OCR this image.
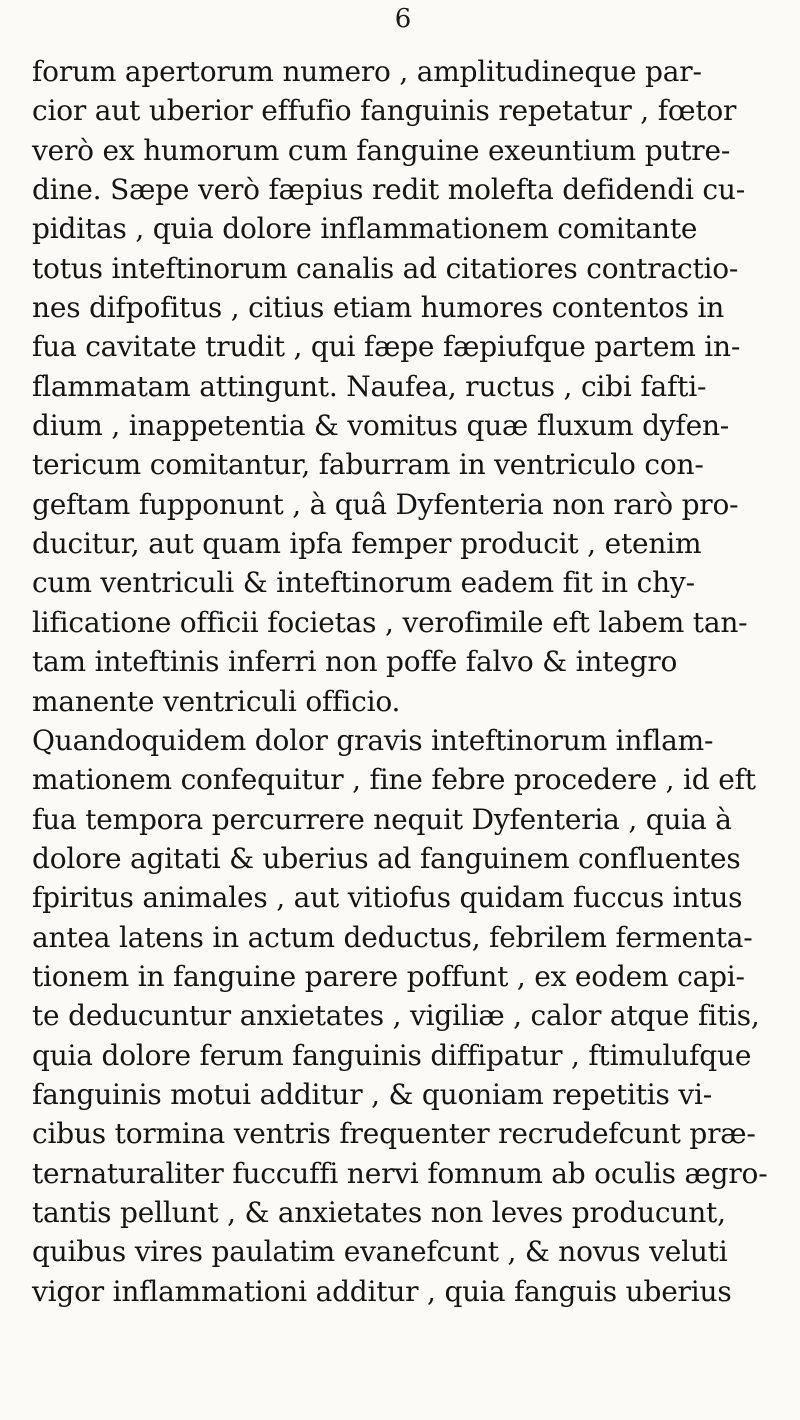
6
forum apertorum numero , amplitudineque par-
cior aut uberior effufio fanguinis repetatur , fœtor
verò ex humorum cum fanguine exeuntium putre-
dine. Sæpe verò fæpius redit molefta defidendi cu-
piditas , quia dolore inflammationem comitante
totus inteftinorum canalis ad citatiores contractio-
nes difpofitus , citius etiam humores contentos in
fua cavitate trudit , qui fæpe fæpiufque partem in-
flammatam attingunt. Naufea, ructus , cibi fafti-
dium , inappetentia & vomitus quæ fluxum dyfen-
tericum comitantur, faburram in ventriculo con-
geftam fupponunt , à quâ Dyfenteria non rarò pro-
ducitur, aut quam ipfa femper producit , etenim
cum ventriculi & inteftinorum eadem fit in chy-
lificatione officii focietas , verofimile eft labem tan-
tam inteftinis inferri non poffe falvo & integro
manente ventriculi officio.
Quandoquidem dolor gravis inteftinorum inflam-
mationem confequitur , fine febre procedere , id eft
fua tempora percurrere nequit Dyfenteria , quia à
dolore agitati & uberius ad fanguinem confluentes
fpiritus animales , aut vitiofus quidam fuccus intus
antea latens in actum deductus, febrilem fermenta-
tionem in fanguine parere poffunt , ex eodem capi-
te deducuntur anxietates , vigiliæ , calor atque fitis,
quia dolore ferum fanguinis diffipatur , ftimulufque
fanguinis motui additur , & quoniam repetitis vi-
cibus tormina ventris frequenter recrudefcunt præ-
ternaturaliter fuccuffi nervi fomnum ab oculis ægro-
tantis pellunt , & anxietates non leves producunt,
quibus vires paulatim evanefcunt , & novus veluti
vigor inflammationi additur , quia fanguis uberius
